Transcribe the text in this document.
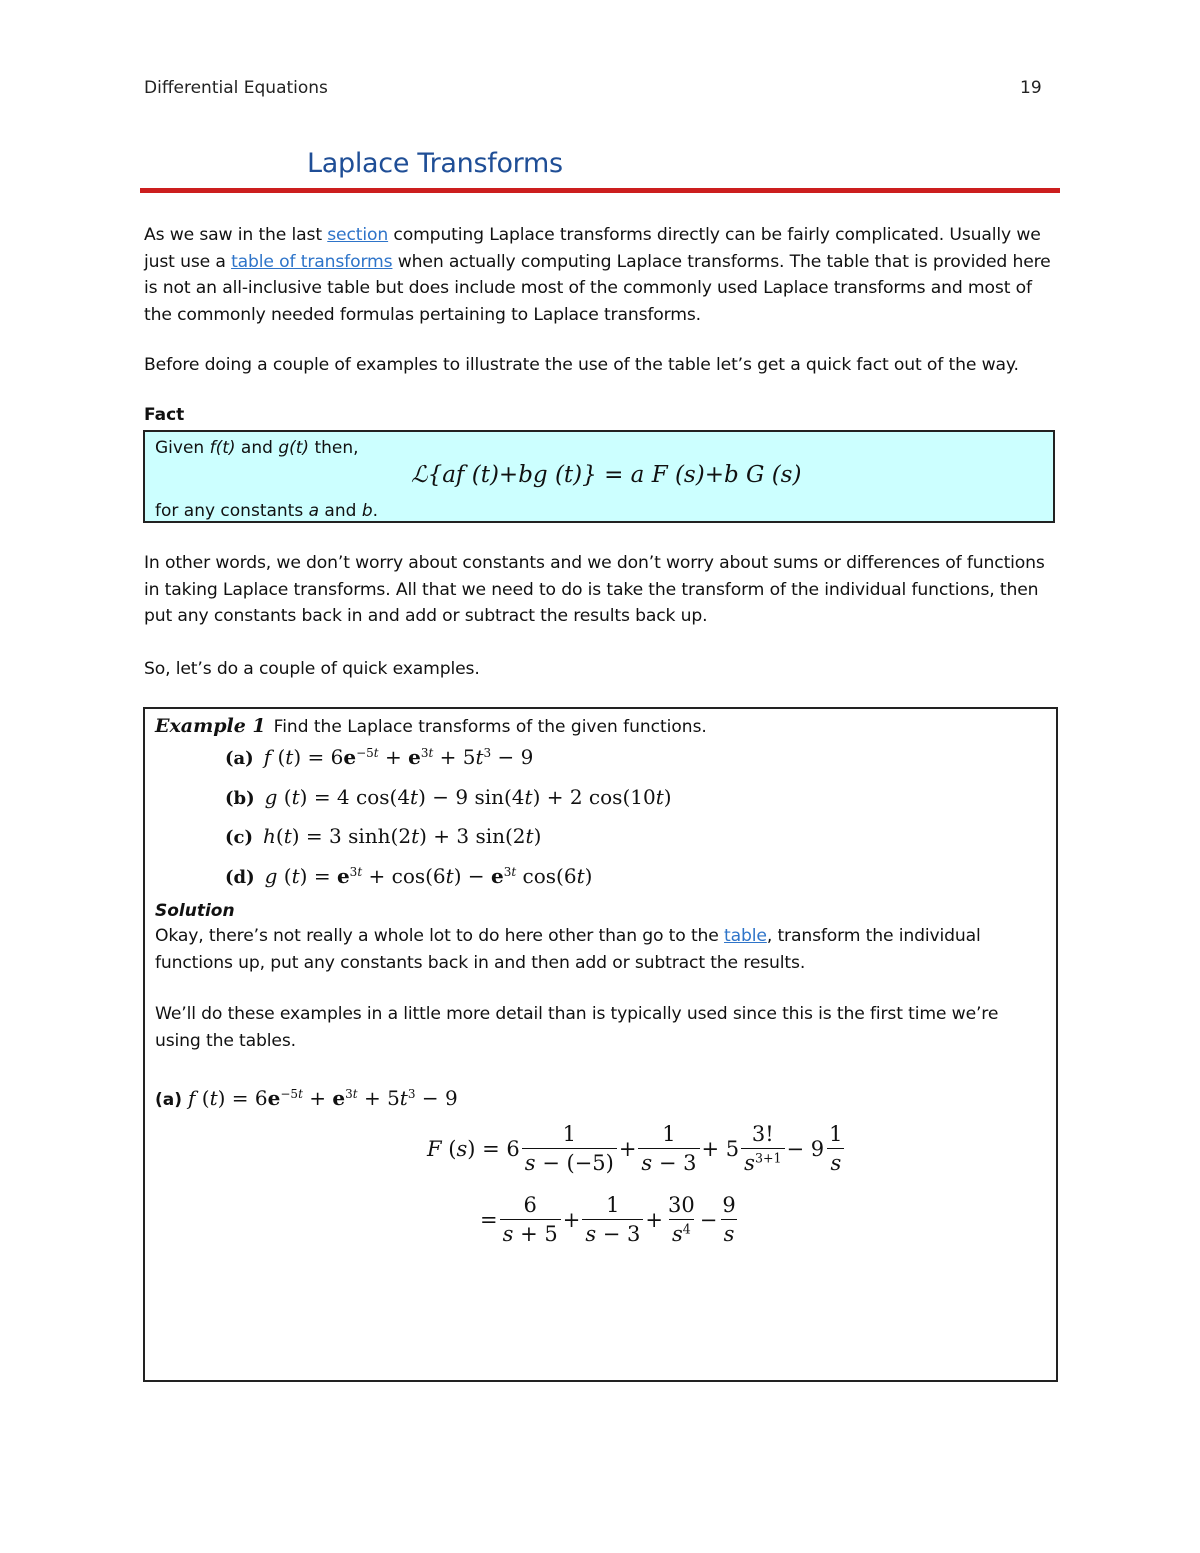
Differential Equations	19
Laplace Transforms
As we saw in the last section computing Laplace transforms directly can be fairly complicated. Usually we just use a table of transforms when actually computing Laplace transforms. The table that is provided here is not an all-inclusive table but does include most of the commonly used Laplace transforms and most of the commonly needed formulas pertaining to Laplace transforms.
Before doing a couple of examples to illustrate the use of the table let’s get a quick fact out of the way.
Fact
Given f(t) and g(t) then,
ℒ{af (t)+bg (t)} = a F (s)+b G (s)
for any constants a and b.
In other words, we don’t worry about constants and we don’t worry about sums or differences of functions in taking Laplace transforms. All that we need to do is take the transform of the individual functions, then put any constants back in and add or subtract the results back up.
So, let’s do a couple of quick examples.
Example 1 Find the Laplace transforms of the given functions.
(a) f $(t) = 6e^{-5t} + e^{3t} + 5t^3 - 9$
(b) g (t) = 4 cos(4t) − 9 sin(4t) + 2 cos(10t)
(c) h(t) = 3 sinh(2t) + 3 sin(2t)
(d) g $(t) = e^{3t} + \cos(6t) - e^{3t}$ cos(6t)
Solution
Okay, there’s not really a whole lot to do here other than go to the table, transform the individual functions up, put any constants back in and then add or subtract the results.
We’ll do these examples in a little more detail than is typically used since this is the first time we’re using the tables.
(a) f $(t) = 6e^{-5t} + e^{3t} + 5t^3 - 9$
F ( s ) = $6 \frac{1}{s - (-5)} + \frac{1}{s - 3} + 5 \frac{3!}{s^{3+1}} - 9 \frac{1}{s}$
= $\frac{6}{s + 5} + \frac{1}{s - 3} + \frac{30}{s^4} - \frac{9}{s}$
